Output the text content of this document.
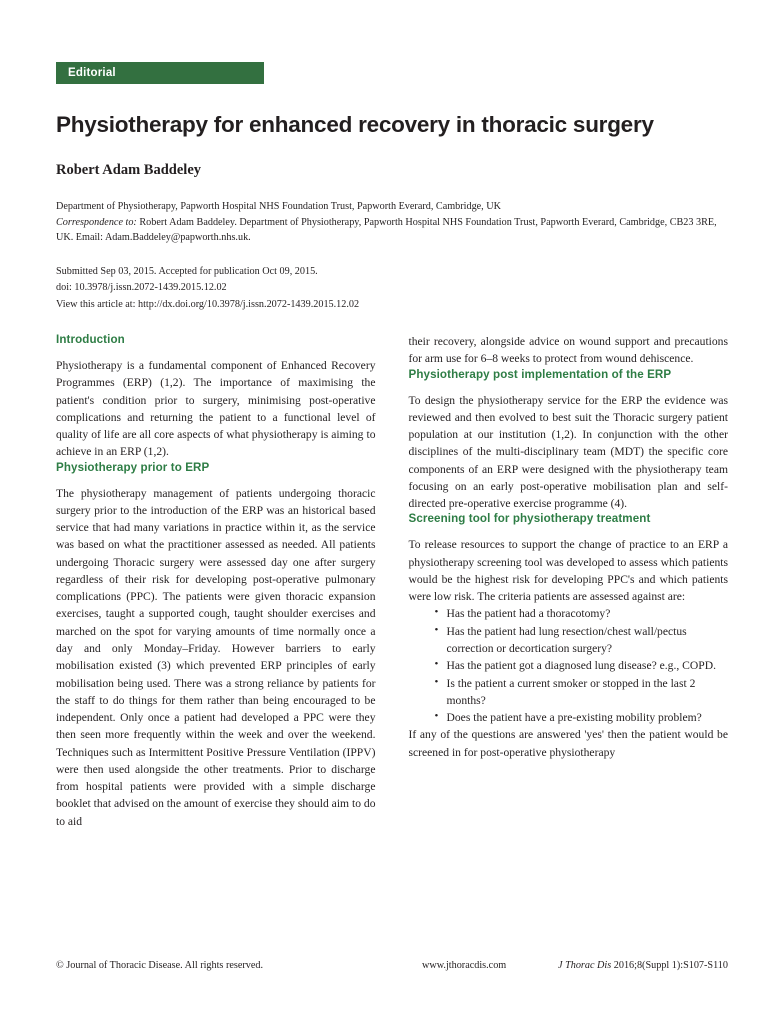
Editorial
Physiotherapy for enhanced recovery in thoracic surgery
Robert Adam Baddeley
Department of Physiotherapy, Papworth Hospital NHS Foundation Trust, Papworth Everard, Cambridge, UK
Correspondence to: Robert Adam Baddeley. Department of Physiotherapy, Papworth Hospital NHS Foundation Trust, Papworth Everard, Cambridge, CB23 3RE, UK. Email: Adam.Baddeley@papworth.nhs.uk.
Submitted Sep 03, 2015. Accepted for publication Oct 09, 2015.
doi: 10.3978/j.issn.2072-1439.2015.12.02
View this article at: http://dx.doi.org/10.3978/j.issn.2072-1439.2015.12.02
Introduction

Physiotherapy is a fundamental component of Enhanced Recovery Programmes (ERP) (1,2). The importance of maximising the patient's condition prior to surgery, minimising post-operative complications and returning the patient to a functional level of quality of life are all core aspects of what physiotherapy is aiming to achieve in an ERP (1,2).

Physiotherapy prior to ERP

The physiotherapy management of patients undergoing thoracic surgery prior to the introduction of the ERP was an historical based service that had many variations in practice within it, as the service was based on what the practitioner assessed as needed. All patients undergoing Thoracic surgery were assessed day one after surgery regardless of their risk for developing post-operative pulmonary complications (PPC). The patients were given thoracic expansion exercises, taught a supported cough, taught shoulder exercises and marched on the spot for varying amounts of time normally once a day and only Monday–Friday. However barriers to early mobilisation existed (3) which prevented ERP principles of early mobilisation being used. There was a strong reliance by patients for the staff to do things for them rather than being encouraged to be independent. Only once a patient had developed a PPC were they then seen more frequently within the week and over the weekend. Techniques such as Intermittent Positive Pressure Ventilation (IPPV) were then used alongside the other treatments. Prior to discharge from hospital patients were provided with a simple discharge booklet that advised on the amount of exercise they should aim to do to aid

their recovery, alongside advice on wound support and precautions for arm use for 6–8 weeks to protect from wound dehiscence.

Physiotherapy post implementation of the ERP

To design the physiotherapy service for the ERP the evidence was reviewed and then evolved to best suit the Thoracic surgery patient population at our institution (1,2). In conjunction with the other disciplines of the multi-disciplinary team (MDT) the specific core components of an ERP were designed with the physiotherapy team focusing on an early post-operative mobilisation plan and self-directed pre-operative exercise programme (4).

Screening tool for physiotherapy treatment

To release resources to support the change of practice to an ERP a physiotherapy screening tool was developed to assess which patients would be the highest risk for developing PPC's and which patients were low risk. The criteria patients are assessed against are:

• Has the patient had a thoracotomy?
• Has the patient had lung resection/chest wall/pectus correction or decortication surgery?
• Has the patient got a diagnosed lung disease? e.g., COPD.
• Is the patient a current smoker or stopped in the last 2 months?
• Does the patient have a pre-existing mobility problem?

If any of the questions are answered 'yes' then the patient would be screened in for post-operative physiotherapy

© Journal of Thoracic Disease. All rights reserved.	www.jthoracdis.com	J Thorac Dis 2016;8(Suppl 1):S107-S110
